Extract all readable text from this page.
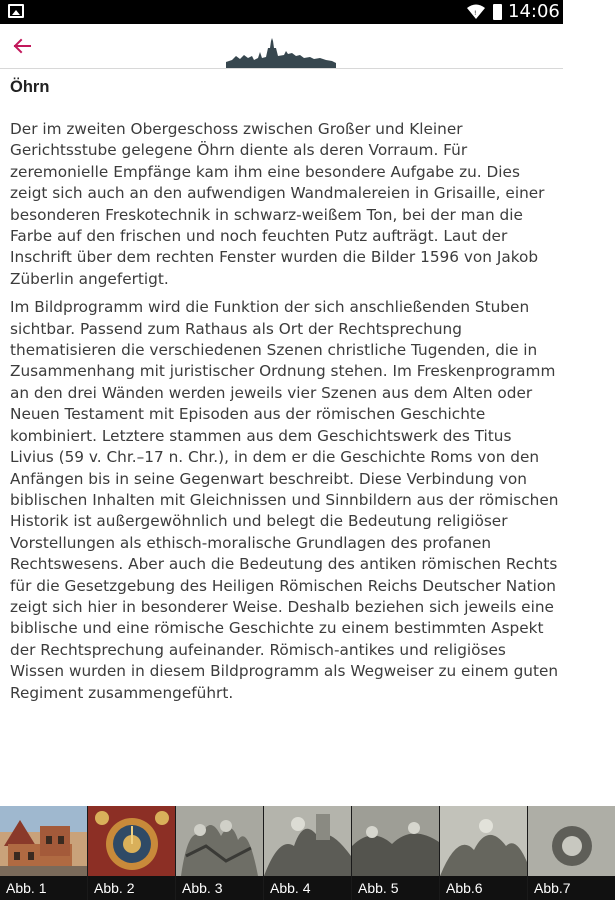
! 14:06
Öhrn

Der im zweiten Obergeschoss zwischen Großer und Kleiner Gerichtsstube gelegene Öhrn diente als deren Vorraum. Für zeremonielle Empfänge kam ihm eine besondere Aufgabe zu. Dies zeigt sich auch an den aufwendigen Wandmalereien in Grisaille, einer besonderen Freskotechnik in schwarz-weißem Ton, bei der man die Farbe auf den frischen und noch feuchten Putz aufträgt. Laut der Inschrift über dem rechten Fenster wurden die Bilder 1596 von Jakob Züberlin angefertigt.

Im Bildprogramm wird die Funktion der sich anschließenden Stuben sichtbar. Passend zum Rathaus als Ort der Rechtsprechung thematisieren die verschiedenen Szenen christliche Tugenden, die in Zusammenhang mit juristischer Ordnung stehen. Im Freskenprogramm an den drei Wänden werden jeweils vier Szenen aus dem Alten oder Neuen Testament mit Episoden aus der römischen Geschichte kombiniert. Letztere stammen aus dem Geschichtswerk des Titus Livius (59 v. Chr.–17 n. Chr.), in dem er die Geschichte Roms von den Anfängen bis in seine Gegenwart beschreibt. Diese Verbindung von biblischen Inhalten mit Gleichnissen und Sinnbildern aus der römischen Historik ist außergewöhnlich und belegt die Bedeutung religiöser Vorstellungen als ethisch-moralische Grundlagen des profanen Rechtswesens. Aber auch die Bedeutung des antiken römischen Rechts für die Gesetzgebung des Heiligen Römischen Reichs Deutscher Nation zeigt sich hier in besonderer Weise. Deshalb beziehen sich jeweils eine biblische und eine römische Geschichte zu einem bestimmten Aspekt der Rechtsprechung aufeinander. Römisch-antikes und religiöses Wissen wurden in diesem Bildprogramm als Wegweiser zu einem guten Regiment zusammengeführt.

Abb. 1	Abb. 2	Abb. 3	Abb. 4	Abb. 5	Abb.6	Abb.7
